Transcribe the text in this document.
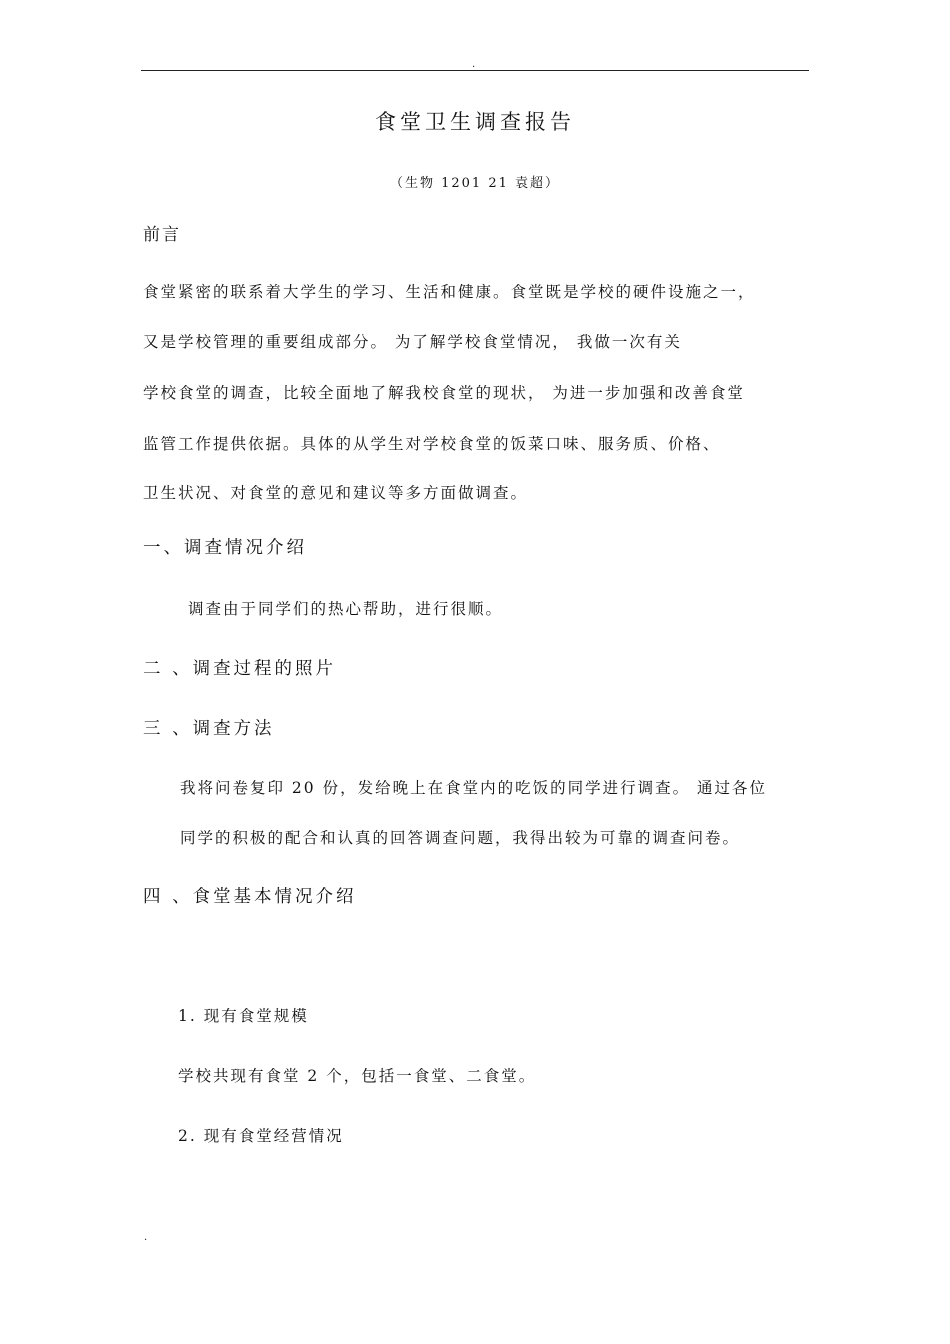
.
食堂卫生调查报告
（生物 1201 21 袁超）
前言
食堂紧密的联系着大学生的学习、生活和健康。食堂既是学校的硬件设施之一，
又是学校管理的重要组成部分。 为了解学校食堂情况， 我做一次有关
学校食堂的调查，比较全面地了解我校食堂的现状， 为进一步加强和改善食堂
监管工作提供依据。具体的从学生对学校食堂的饭菜口味、服务质、价格、
卫生状况、对食堂的意见和建议等多方面做调查。
一、调查情况介绍
调查由于同学们的热心帮助，进行很顺。
二 、调查过程的照片
三 、调查方法
我将问卷复印 20 份，发给晚上在食堂内的吃饭的同学进行调查。 通过各位
同学的积极的配合和认真的回答调查问题，我得出较为可靠的调查问卷。
四 、食堂基本情况介绍
1. 现有食堂规模
学校共现有食堂 2 个，包括一食堂、二食堂。
2. 现有食堂经营情况
.
